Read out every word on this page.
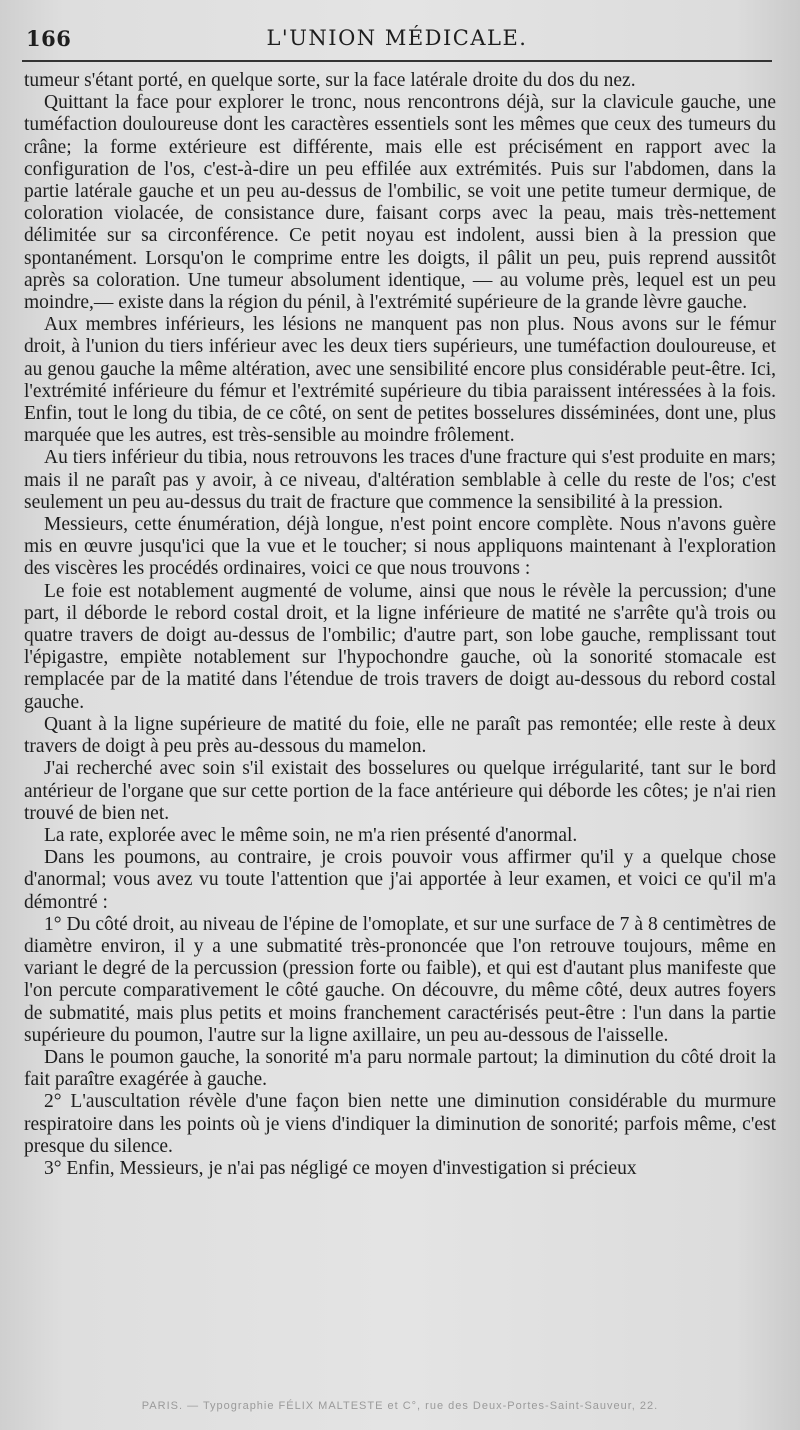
166	L'UNION MÉDICALE.

tumeur s'étant porté, en quelque sorte, sur la face latérale droite du dos du nez.

Quittant la face pour explorer le tronc, nous rencontrons déjà, sur la clavicule gauche, une tuméfaction douloureuse dont les caractères essentiels sont les mêmes que ceux des tumeurs du crâne; la forme extérieure est différente, mais elle est précisément en rapport avec la configuration de l'os, c'est-à-dire un peu effilée aux extrémités. Puis sur l'abdomen, dans la partie latérale gauche et un peu au-dessus de l'ombilic, se voit une petite tumeur dermique, de coloration violacée, de consistance dure, faisant corps avec la peau, mais très-nettement délimitée sur sa circonférence. Ce petit noyau est indolent, aussi bien à la pression que spontanément. Lorsqu'on le comprime entre les doigts, il pâlit un peu, puis reprend aussitôt après sa coloration. Une tumeur absolument identique, — au volume près, lequel est un peu moindre,— existe dans la région du pénil, à l'extrémité supérieure de la grande lèvre gauche.

Aux membres inférieurs, les lésions ne manquent pas non plus. Nous avons sur le fémur droit, à l'union du tiers inférieur avec les deux tiers supérieurs, une tuméfaction douloureuse, et au genou gauche la même altération, avec une sensibilité encore plus considérable peut-être. Ici, l'extrémité inférieure du fémur et l'extrémité supérieure du tibia paraissent intéressées à la fois. Enfin, tout le long du tibia, de ce côté, on sent de petites bosselures disséminées, dont une, plus marquée que les autres, est très-sensible au moindre frôlement.

Au tiers inférieur du tibia, nous retrouvons les traces d'une fracture qui s'est produite en mars; mais il ne paraît pas y avoir, à ce niveau, d'altération semblable à celle du reste de l'os; c'est seulement un peu au-dessus du trait de fracture que commence la sensibilité à la pression.

Messieurs, cette énumération, déjà longue, n'est point encore complète. Nous n'avons guère mis en œuvre jusqu'ici que la vue et le toucher; si nous appliquons maintenant à l'exploration des viscères les procédés ordinaires, voici ce que nous trouvons :

Le foie est notablement augmenté de volume, ainsi que nous le révèle la percussion; d'une part, il déborde le rebord costal droit, et la ligne inférieure de matité ne s'arrête qu'à trois ou quatre travers de doigt au-dessus de l'ombilic; d'autre part, son lobe gauche, remplissant tout l'épigastre, empiète notablement sur l'hypochondre gauche, où la sonorité stomacale est remplacée par de la matité dans l'étendue de trois travers de doigt au-dessous du rebord costal gauche.

Quant à la ligne supérieure de matité du foie, elle ne paraît pas remontée; elle reste à deux travers de doigt à peu près au-dessous du mamelon.

J'ai recherché avec soin s'il existait des bosselures ou quelque irrégularité, tant sur le bord antérieur de l'organe que sur cette portion de la face antérieure qui déborde les côtes; je n'ai rien trouvé de bien net.

La rate, explorée avec le même soin, ne m'a rien présenté d'anormal.

Dans les poumons, au contraire, je crois pouvoir vous affirmer qu'il y a quelque chose d'anormal; vous avez vu toute l'attention que j'ai apportée à leur examen, et voici ce qu'il m'a démontré :

1° Du côté droit, au niveau de l'épine de l'omoplate, et sur une surface de 7 à 8 centimètres de diamètre environ, il y a une submatité très-prononcée que l'on retrouve toujours, même en variant le degré de la percussion (pression forte ou faible), et qui est d'autant plus manifeste que l'on percute comparativement le côté gauche. On découvre, du même côté, deux autres foyers de submatité, mais plus petits et moins franchement caractérisés peut-être : l'un dans la partie supérieure du poumon, l'autre sur la ligne axillaire, un peu au-dessous de l'aisselle.

Dans le poumon gauche, la sonorité m'a paru normale partout; la diminution du côté droit la fait paraître exagérée à gauche.

2° L'auscultation révèle d'une façon bien nette une diminution considérable du murmure respiratoire dans les points où je viens d'indiquer la diminution de sonorité; parfois même, c'est presque du silence.

3° Enfin, Messieurs, je n'ai pas négligé ce moyen d'investigation si précieux

PARIS. — Typographie FÉLIX MALTESTE et C°, rue des Deux-Portes-Saint-Sauveur, 22.
